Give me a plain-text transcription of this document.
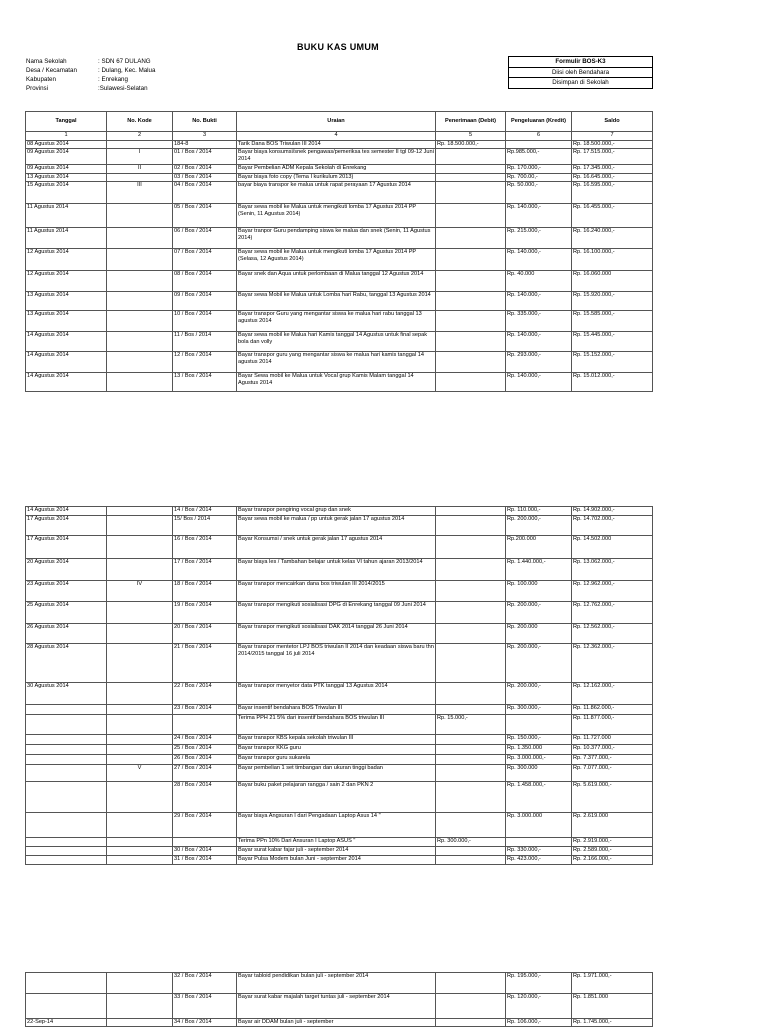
BUKU KAS UMUM
Nama Sekolah	: SDN 67 DULANG
Desa / Kecamatan	: Dulang, Kec. Malua
Kabupaten	: Enrekang
Provinsi	:Sulawesi-Selatan
Formulir BOS-K3
Diisi oleh Bendahara
Disimpan di Sekolah
Tanggal	No. Kode	No. Bukti	Uraian	Penerimaan (Debit)	Pengeluaran (Kredit)	Saldo
1	2	3	4	5	6	7
08 Agustus 2014		184-8	Tarik Dana BOS Triwulan III 2014	Rp. 18.500.000,-		Rp. 18.500.000,-
09 Agustus 2014	I	01 / Bos / 2014	Bayar biaya konsumsi/snek pengawas/pemeriksa tes semester II tgl 09-12 Juni 2014		Rp.985.000,-	Rp. 17.515.000,-
09 Agustus 2014	II	02 / Bos / 2014	Bayar Pembelian ADM Kepala Sekolah di Enrekang		Rp. 170.000,-	Rp. 17.345.000,-
13 Agustus 2014		03 / Bos / 2014	Bayar biaya foto copy (Tema I kurikulum 2013)		Rp. 700.00,-	Rp. 16.645.000,-
15 Agustus 2014	III	04 / Bos / 2014	bayar biaya transpor ke malua untuk rapat perayaan 17 Agustus 2014		Rp. 50.000,-	Rp. 16.595.000,-
11 Agustus 2014		05 / Bos / 2014	Bayar sewa mobil ke Malua untuk mengikuti lomba 17 Agustus 2014 PP (Senin, 11 Agustus 2014)		Rp. 140.000,-	Rp. 16.455.000,-
11 Agustus 2014		06 / Bos / 2014	Bayar tranpor Guru pendamping siswa ke malua dan snek (Senin, 11 Agustus 2014)		Rp. 215.000,-	Rp. 16.240.000,-
12 Agustus 2014		07 / Bos / 2014	Bayar sewa mobil ke Malua untuk mengikuti lomba 17 Agustus 2014 PP (Selasa, 12 Agustus 2014)		Rp. 140.000,-	Rp. 16.100.000,-
12 Agustus 2014		08 / Bos / 2014	Bayar snek dan Aqua untuk perlombaan di Malua tanggal 12 Agustus 2014		Rp. 40.000	Rp. 16.060.000
13 Agustus 2014		09 / Bos / 2014	Bayar sewa Mobil ke Malua untuk Lomba hari Rabu, tanggal 13 Agustus 2014		Rp. 140.000,-	Rp. 15.920.000,-
13 Agustus 2014		10 / Bos / 2014	Bayar transpor Guru yang mengantar siswa ke malua hari rabu tanggal 13 agustus 2014		Rp. 335.000,-	Rp. 15.585.000,-
14 Agustus 2014		11 / Bos / 2014	Bayar sewa mobil ke Malua hari Kamis tanggal 14 Agustus untuk final sepak bola dan volly		Rp. 140.000,-	Rp. 15.445.000,-
14 Agustus 2014		12 / Bos / 2014	Bayar transpor guru yang mengantar siswa ke malua hari kamis tanggal 14 agustus 2014		Rp. 293.000,-	Rp. 15.152.000,-
14 Agustus 2014		13 / Bos / 2014	Bayar Sewa mobil ke Malua untuk Vocal grup Kamis Malam tanggal 14 Agustus 2014		Rp. 140.000,-	Rp. 15.012.000,-
14 Agustus 2014		14 / Bos / 2014	Bayar transpor pengiring vocal grup dan snek		Rp. 110.000,-	Rp. 14.902.000,-
17 Agustus 2014		15/ Bos / 2014	Bayar sewa mobil ke malua / pp untuk gerak jalan 17 agustus 2014		Rp. 200.000,-	Rp. 14.702.000,-
17 Agustus 2014		16 / Bos / 2014	Bayar Konsumsi / snek untuk gerak jalan 17 agustus 2014		Rp.200.000	Rp. 14.502.000
20 Agustus 2014		17 / Bos / 2014	Bayar biaya les / Tambahan belajar untuk kelas VI tahun ajaran 2013/2014		Rp. 1.440.000,-	Rp. 13.062.000,-
23 Agustus 2014	IV	18 / Bos / 2014	Bayar transpor mencairkan dana bos triwulan III 2014/2015		Rp. 100.000	Rp. 12.962.000,-
25 Agustus 2014		19 / Bos / 2014	Bayar transpor mengikuti sosialisasi DPG di Enrekang tanggal 09 Juni 2014		Rp. 200.000,-	Rp. 12.762.000,-
26 Agustus 2014		20 / Bos / 2014	Bayar transpor mengikuti sosialisasi DAK 2014 tanggal 26 Juni 2014		Rp. 200.000	Rp. 12.562.000,-
28 Agustus 2014		21 / Bos / 2014	Bayar transpor mentetor LPJ BOS triwulan II 2014 dan keadaan siswa baru thn 2014/2015 tanggal 16 juli 2014		Rp. 200.000,-	Rp. 12.362.000,-
30 Agustus 2014		22 / Bos / 2014	Bayar transpor menyetor data PTK tanggal 13 Agustus 2014		Rp. 200.000,-	Rp. 12.162.000,-
		23 / Bos / 2014	Bayar insentif bendahara BOS Triwulan III		Rp. 300.000,-	Rp. 11.862.000,-
			Terima PPH 21 5% dari insentif bendahara BOS triwulan III	Rp. 15.000,-		Rp. 11.877.000,-
		24 / Bos / 2014	Bayar transpor KBS kepala sekolah triwulan III		Rp. 150.000,-	Rp. 11.727.000
		25 / Bos / 2014	Bayar transpor KKG guru		Rp. 1.350.000	Rp. 10.377.000,-
		26 / Bos / 2014	Bayar transpor guru sukarela		Rp. 3.000.000,-	Rp. 7.377.000,-
	V	27 / Bos / 2014	Bayar pembelian 1 set timbangan dan ukuran tinggi badan		Rp. 300.000	Rp. 7.077.000,-
		28 / Bos / 2014	Bayar buku paket pelajaran rangga / sain 2 dan PKN 2		Rp. 1.458.000,-	Rp. 5.619.000,-
		29 / Bos / 2014	Bayar biaya Angsuran I dari Pengadaan Laptop Asus 14 "		Rp. 3.000.000	Rp. 2.619.000
			Terima PPn 10% Dari Ansuran I Laptop ASUS "	Rp. 300.000,-		Rp. 2.919.000,-
		30 / Bos / 2014	Bayar surat kabar fajar juli - september 2014		Rp. 330.000,-	Rp. 2.589.000,-
		31 / Bos / 2014	Bayar Pulsa Modem bulan Juni - september 2014		Rp. 423.000,-	Rp. 2.166.000,-
		32 / Bos / 2014	Bayar tabloid pendidikan bulan juli - september 2014		Rp. 195.000,-	Rp. 1.971.000,-
		33 / Bos / 2014	Bayar surat kabar majalah target tuntas juli - september 2014		Rp. 120.000,-	Rp. 1.851.000
22-Sep-14		34 / Bos / 2014	Bayar air DDAM bulan juli - september		Rp. 106.000,-	Rp. 1.745.000,-
